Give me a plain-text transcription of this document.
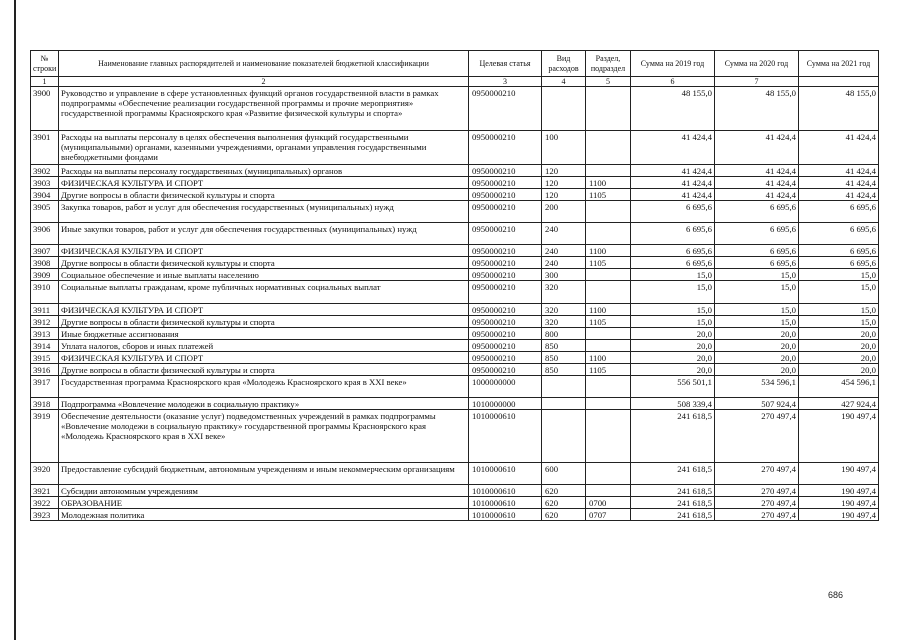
№ строки	Наименование главных распорядителей и наименование показателей бюджетной классификации	Целевая статья	Вид расходов	Раздел, подраздел	Сумма на 2019 год	Сумма на 2020 год	Сумма на 2021 год
1	2	3	4	5	6	7	
3900	Руководство и управление в сфере установленных функций органов государственной власти в рамках подпрограммы «Обеспечение реализации государственной программы и прочие мероприятия» государственной программы Красноярского края «Развитие физической культуры и спорта»	0950000210			48 155,0	48 155,0	48 155,0
3901	Расходы на выплаты персоналу в целях обеспечения выполнения функций государственными (муниципальными) органами, казенными учреждениями, органами управления государственными внебюджетными фондами	0950000210	100		41 424,4	41 424,4	41 424,4
3902	Расходы на выплаты персоналу государственных (муниципальных) органов	0950000210	120		41 424,4	41 424,4	41 424,4
3903	ФИЗИЧЕСКАЯ КУЛЬТУРА И СПОРТ	0950000210	120	1100	41 424,4	41 424,4	41 424,4
3904	Другие вопросы в области физической культуры и спорта	0950000210	120	1105	41 424,4	41 424,4	41 424,4
3905	Закупка товаров, работ и услуг для обеспечения государственных (муниципальных) нужд	0950000210	200		6 695,6	6 695,6	6 695,6
3906	Иные закупки товаров, работ и услуг для обеспечения государственных (муниципальных) нужд	0950000210	240		6 695,6	6 695,6	6 695,6
3907	ФИЗИЧЕСКАЯ КУЛЬТУРА И СПОРТ	0950000210	240	1100	6 695,6	6 695,6	6 695,6
3908	Другие вопросы в области физической культуры и спорта	0950000210	240	1105	6 695,6	6 695,6	6 695,6
3909	Социальное обеспечение и иные выплаты населению	0950000210	300		15,0	15,0	15,0
3910	Социальные выплаты гражданам, кроме публичных нормативных социальных выплат	0950000210	320		15,0	15,0	15,0
3911	ФИЗИЧЕСКАЯ КУЛЬТУРА И СПОРТ	0950000210	320	1100	15,0	15,0	15,0
3912	Другие вопросы в области физической культуры и спорта	0950000210	320	1105	15,0	15,0	15,0
3913	Иные бюджетные ассигнования	0950000210	800		20,0	20,0	20,0
3914	Уплата налогов, сборов и иных платежей	0950000210	850		20,0	20,0	20,0
3915	ФИЗИЧЕСКАЯ КУЛЬТУРА И СПОРТ	0950000210	850	1100	20,0	20,0	20,0
3916	Другие вопросы в области физической культуры и спорта	0950000210	850	1105	20,0	20,0	20,0
3917	Государственная программа Красноярского края «Молодежь Красноярского края в XXI веке»	1000000000			556 501,1	534 596,1	454 596,1
3918	Подпрограмма «Вовлечение молодежи в социальную практику»	1010000000			508 339,4	507 924,4	427 924,4
3919	Обеспечение деятельности (оказание услуг) подведомственных учреждений в рамках подпрограммы «Вовлечение молодежи в социальную практику» государственной программы Красноярского края «Молодежь Красноярского края в XXI веке»	1010000610			241 618,5	270 497,4	190 497,4
3920	Предоставление субсидий бюджетным, автономным учреждениям и иным некоммерческим организациям	1010000610	600		241 618,5	270 497,4	190 497,4
3921	Субсидии автономным учреждениям	1010000610	620		241 618,5	270 497,4	190 497,4
3922	ОБРАЗОВАНИЕ	1010000610	620	0700	241 618,5	270 497,4	190 497,4
3923	Молодежная политика	1010000610	620	0707	241 618,5	270 497,4	190 497,4
686
